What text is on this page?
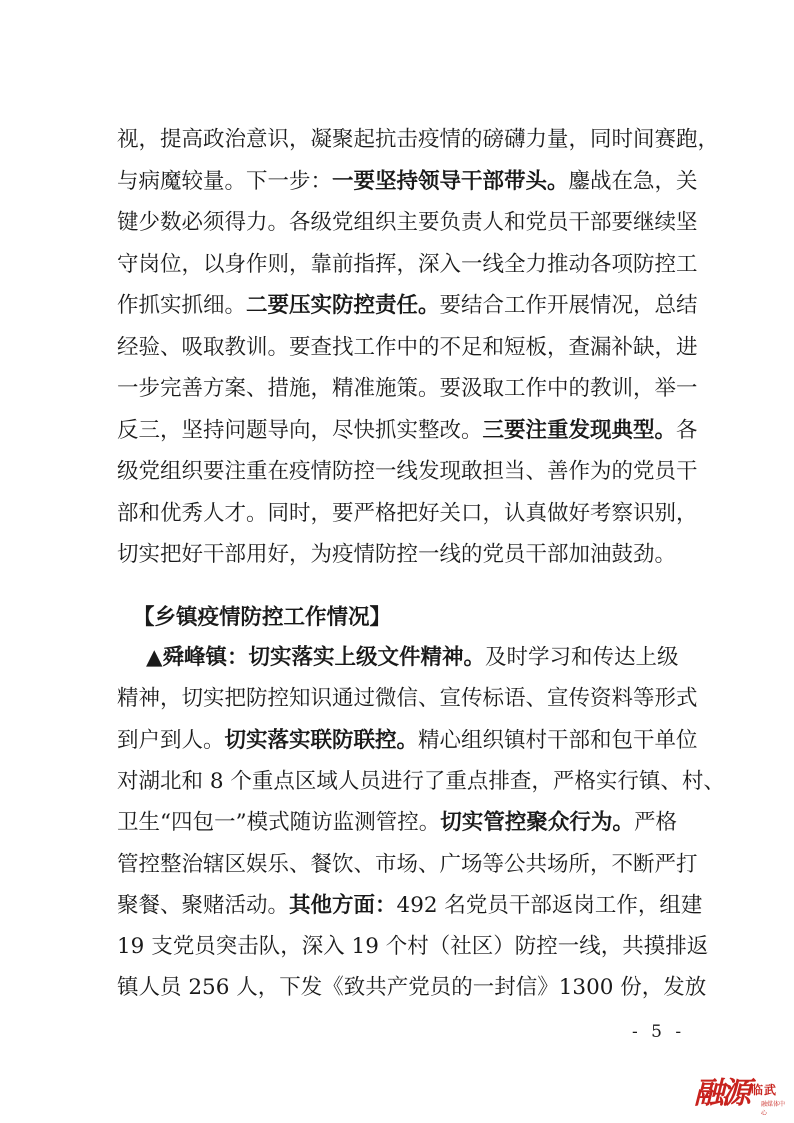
视，提高政治意识，凝聚起抗击疫情的磅礴力量，同时间赛跑，
与病魔较量。下一步：一要坚持领导干部带头。鏖战在急，关
键少数必须得力。各级党组织主要负责人和党员干部要继续坚
守岗位，以身作则，靠前指挥，深入一线全力推动各项防控工
作抓实抓细。二要压实防控责任。要结合工作开展情况，总结
经验、吸取教训。要查找工作中的不足和短板，查漏补缺，进
一步完善方案、措施，精准施策。要汲取工作中的教训，举一
反三，坚持问题导向，尽快抓实整改。三要注重发现典型。各
级党组织要注重在疫情防控一线发现敢担当、善作为的党员干
部和优秀人才。同时，要严格把好关口，认真做好考察识别，
切实把好干部用好，为疫情防控一线的党员干部加油鼓劲。
【乡镇疫情防控工作情况】
▲舜峰镇：切实落实上级文件精神。及时学习和传达上级
精神，切实把防控知识通过微信、宣传标语、宣传资料等形式
到户到人。切实落实联防联控。精心组织镇村干部和包干单位
对湖北和 8 个重点区域人员进行了重点排查，严格实行镇、村、
卫生“四包一”模式随访监测管控。切实管控聚众行为。严格
管控整治辖区娱乐、餐饮、市场、广场等公共场所，不断严打
聚餐、聚赌活动。其他方面：492 名党员干部返岗工作，组建
19 支党员突击队，深入 19 个村（社区）防控一线，共摸排返
镇人员 256 人，下发《致共产党员的一封信》1300 份，发放
- 5 -
融源 临武
融媒体中心
